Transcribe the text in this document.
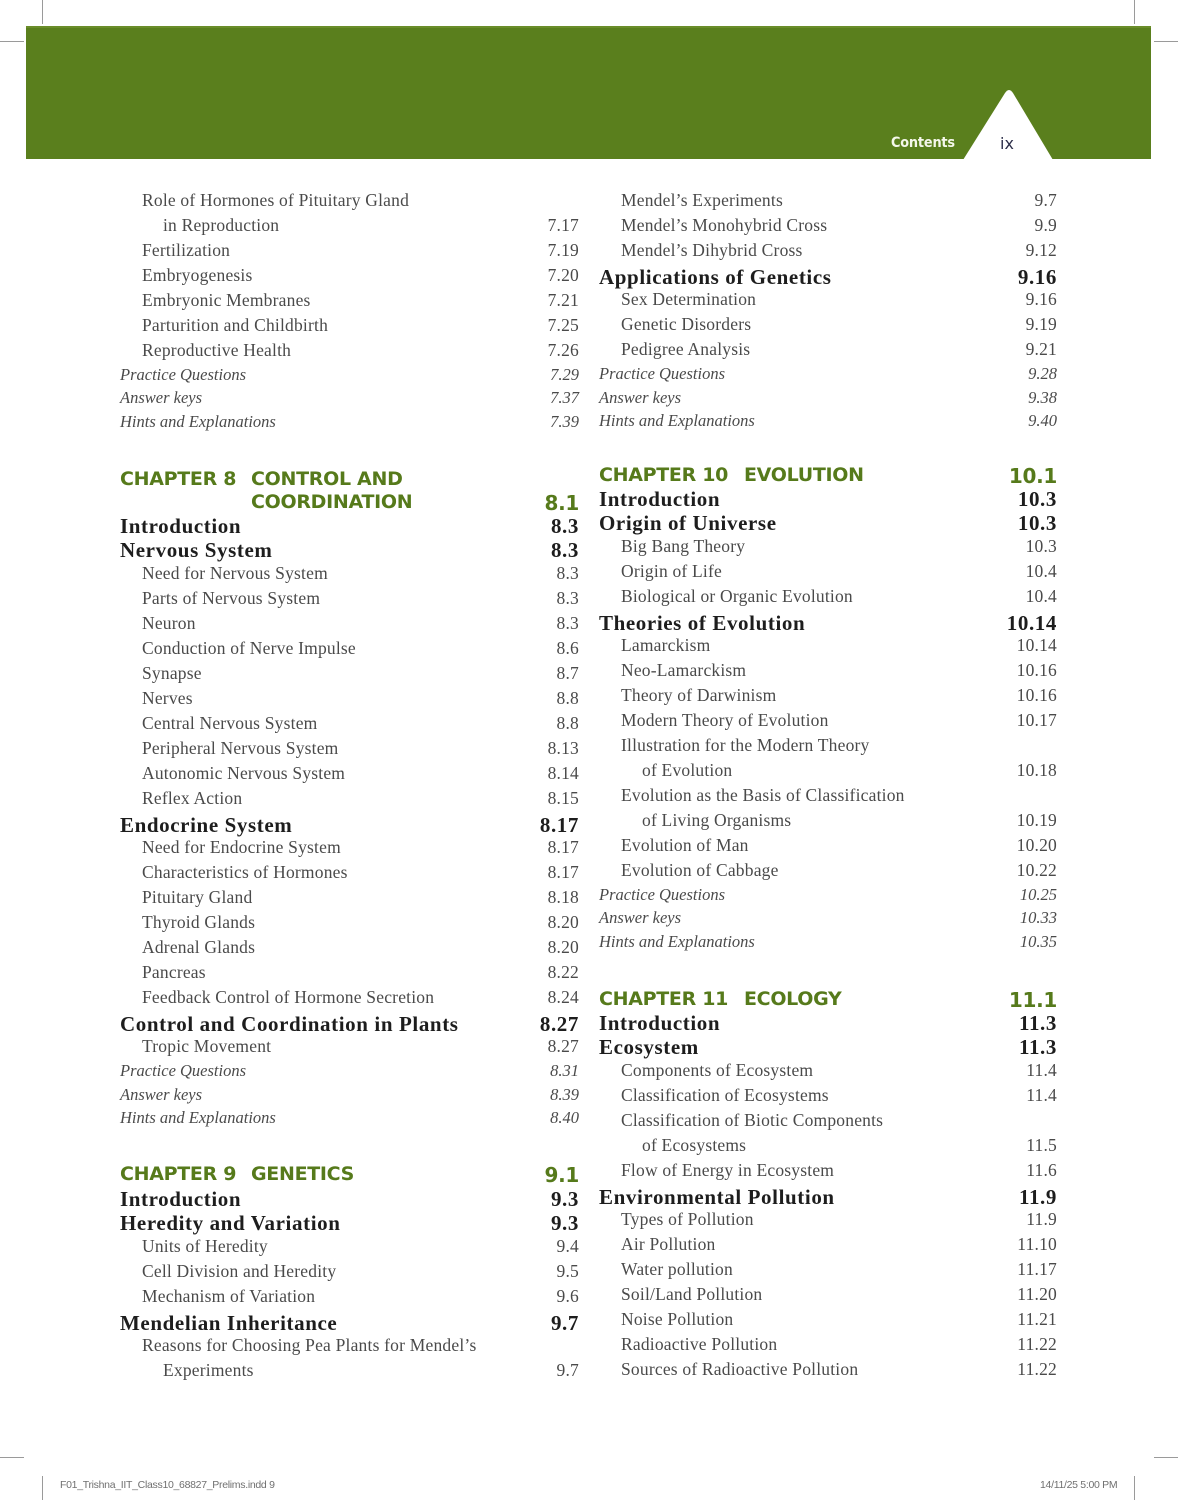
Contents	ix
Role of Hormones of Pituitary Gland
in Reproduction	7.17
Fertilization	7.19
Embryogenesis	7.20
Embryonic Membranes	7.21
Parturition and Childbirth	7.25
Reproductive Health	7.26
Practice Questions	7.29
Answer keys	7.37
Hints and Explanations	7.39
CHAPTER 8 CONTROL AND
COORDINATION	8.1
Introduction	8.3
Nervous System	8.3
Need for Nervous System	8.3
Parts of Nervous System	8.3
Neuron	8.3
Conduction of Nerve Impulse	8.6
Synapse	8.7
Nerves	8.8
Central Nervous System	8.8
Peripheral Nervous System	8.13
Autonomic Nervous System	8.14
Reflex Action	8.15
Endocrine System	8.17
Need for Endocrine System	8.17
Characteristics of Hormones	8.17
Pituitary Gland	8.18
Thyroid Glands	8.20
Adrenal Glands	8.20
Pancreas	8.22
Feedback Control of Hormone Secretion	8.24
Control and Coordination in Plants	8.27
Tropic Movement	8.27
Practice Questions	8.31
Answer keys	8.39
Hints and Explanations	8.40
CHAPTER 9 GENETICS	9.1
Introduction	9.3
Heredity and Variation	9.3
Units of Heredity	9.4
Cell Division and Heredity	9.5
Mechanism of Variation	9.6
Mendelian Inheritance	9.7
Reasons for Choosing Pea Plants for Mendel’s
Experiments	9.7
Mendel’s Experiments	9.7
Mendel’s Monohybrid Cross	9.9
Mendel’s Dihybrid Cross	9.12
Applications of Genetics	9.16
Sex Determination	9.16
Genetic Disorders	9.19
Pedigree Analysis	9.21
Practice Questions	9.28
Answer keys	9.38
Hints and Explanations	9.40
CHAPTER 10 EVOLUTION	10.1
Introduction	10.3
Origin of Universe	10.3
Big Bang Theory	10.3
Origin of Life	10.4
Biological or Organic Evolution	10.4
Theories of Evolution	10.14
Lamarckism	10.14
Neo-Lamarckism	10.16
Theory of Darwinism	10.16
Modern Theory of Evolution	10.17
Illustration for the Modern Theory
of Evolution	10.18
Evolution as the Basis of Classification
of Living Organisms	10.19
Evolution of Man	10.20
Evolution of Cabbage	10.22
Practice Questions	10.25
Answer keys	10.33
Hints and Explanations	10.35
CHAPTER 11 ECOLOGY	11.1
Introduction	11.3
Ecosystem	11.3
Components of Ecosystem	11.4
Classification of Ecosystems	11.4
Classification of Biotic Components
of Ecosystems	11.5
Flow of Energy in Ecosystem	11.6
Environmental Pollution	11.9
Types of Pollution	11.9
Air Pollution	11.10
Water pollution	11.17
Soil/Land Pollution	11.20
Noise Pollution	11.21
Radioactive Pollution	11.22
Sources of Radioactive Pollution	11.22
F01_Trishna_IIT_Class10_68827_Prelims.indd 9	14/11/25 5:00 PM
